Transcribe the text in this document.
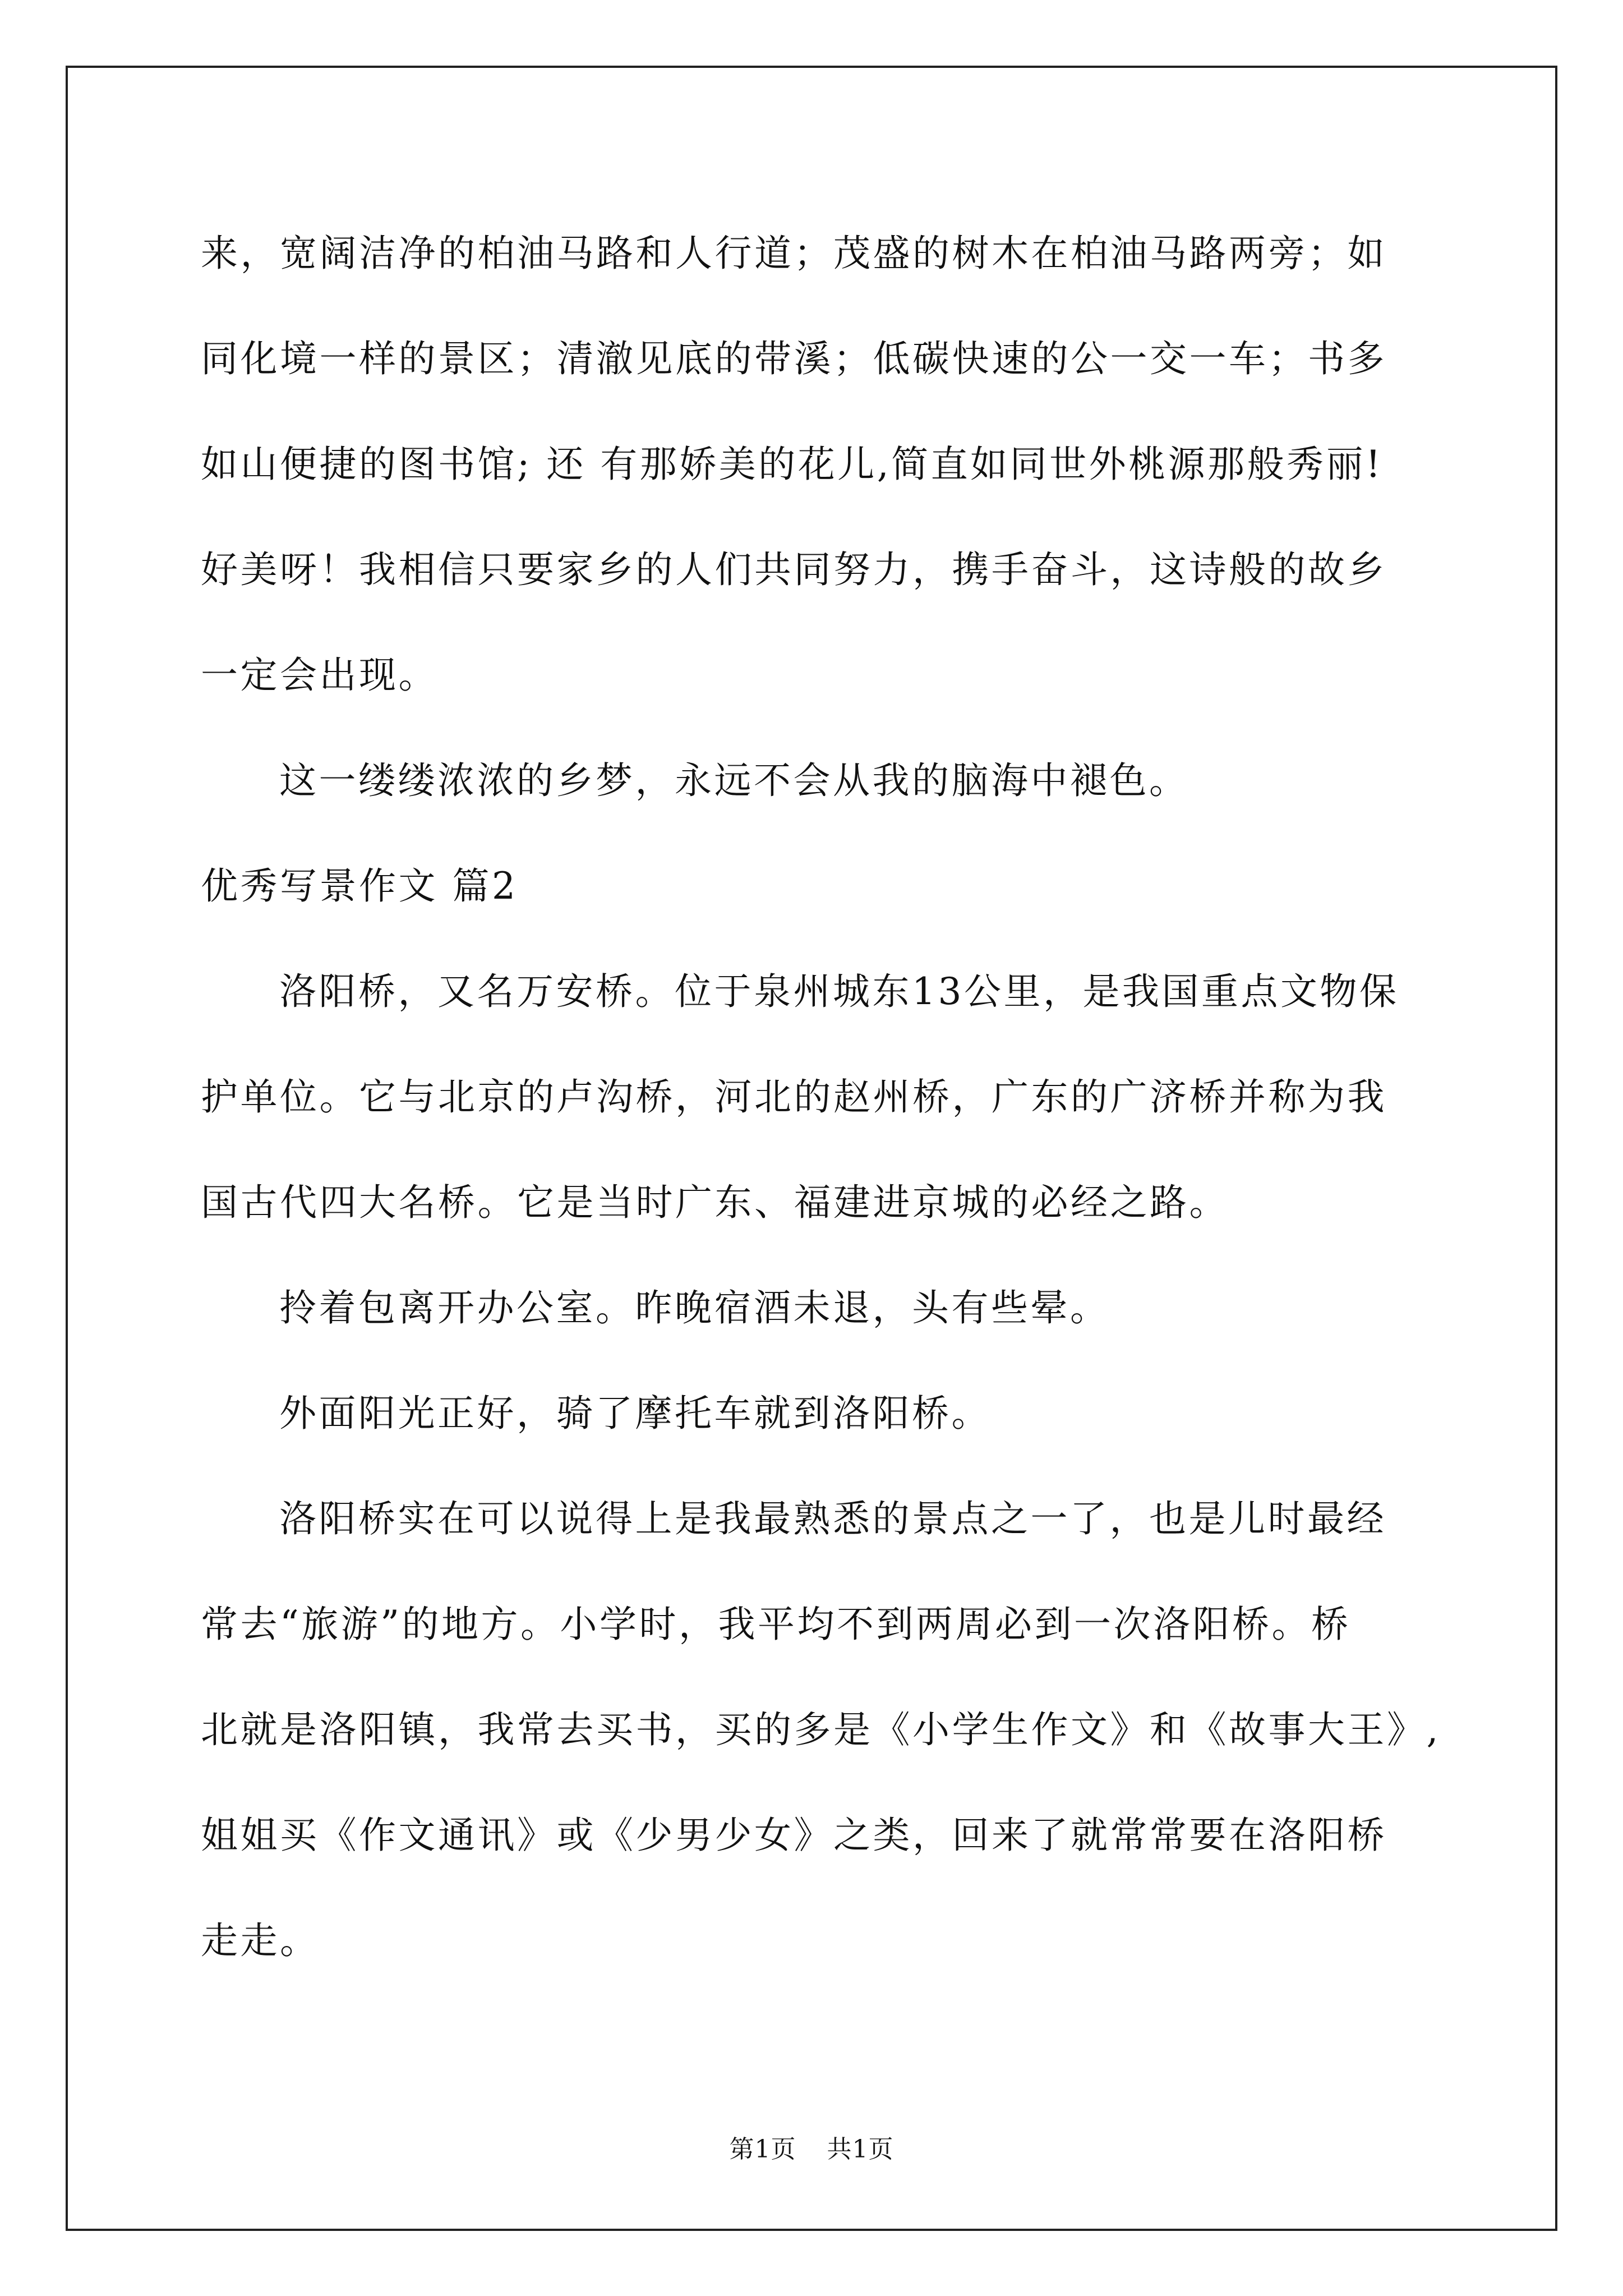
来，宽阔洁净的柏油马路和人行道；茂盛的树木在柏油马路两旁；如
同化境一样的景区；清澈见底的带溪；低碳快速的公一交一车；书多
如山便捷的图书馆; 还 有那娇美的花儿,简直如同世外桃源那般秀丽!
好美呀！我相信只要家乡的人们共同努力，携手奋斗，这诗般的故乡
一定会出现。
这一缕缕浓浓的乡梦，永远不会从我的脑海中褪色。
优秀写景作文 篇2
洛阳桥，又名万安桥。位于泉州城东13公里，是我国重点文物保
护单位。它与北京的卢沟桥，河北的赵州桥，广东的广济桥并称为我
国古代四大名桥。它是当时广东、福建进京城的必经之路。
拎着包离开办公室。昨晚宿酒未退，头有些晕。
外面阳光正好，骑了摩托车就到洛阳桥。
洛阳桥实在可以说得上是我最熟悉的景点之一了，也是儿时最经
常去“旅游”的地方。小学时，我平均不到两周必到一次洛阳桥。桥
北就是洛阳镇，我常去买书，买的多是《小学生作文》和《故事大王》,
姐姐买《作文通讯》或《少男少女》之类，回来了就常常要在洛阳桥
走走。
第1页 共1页
